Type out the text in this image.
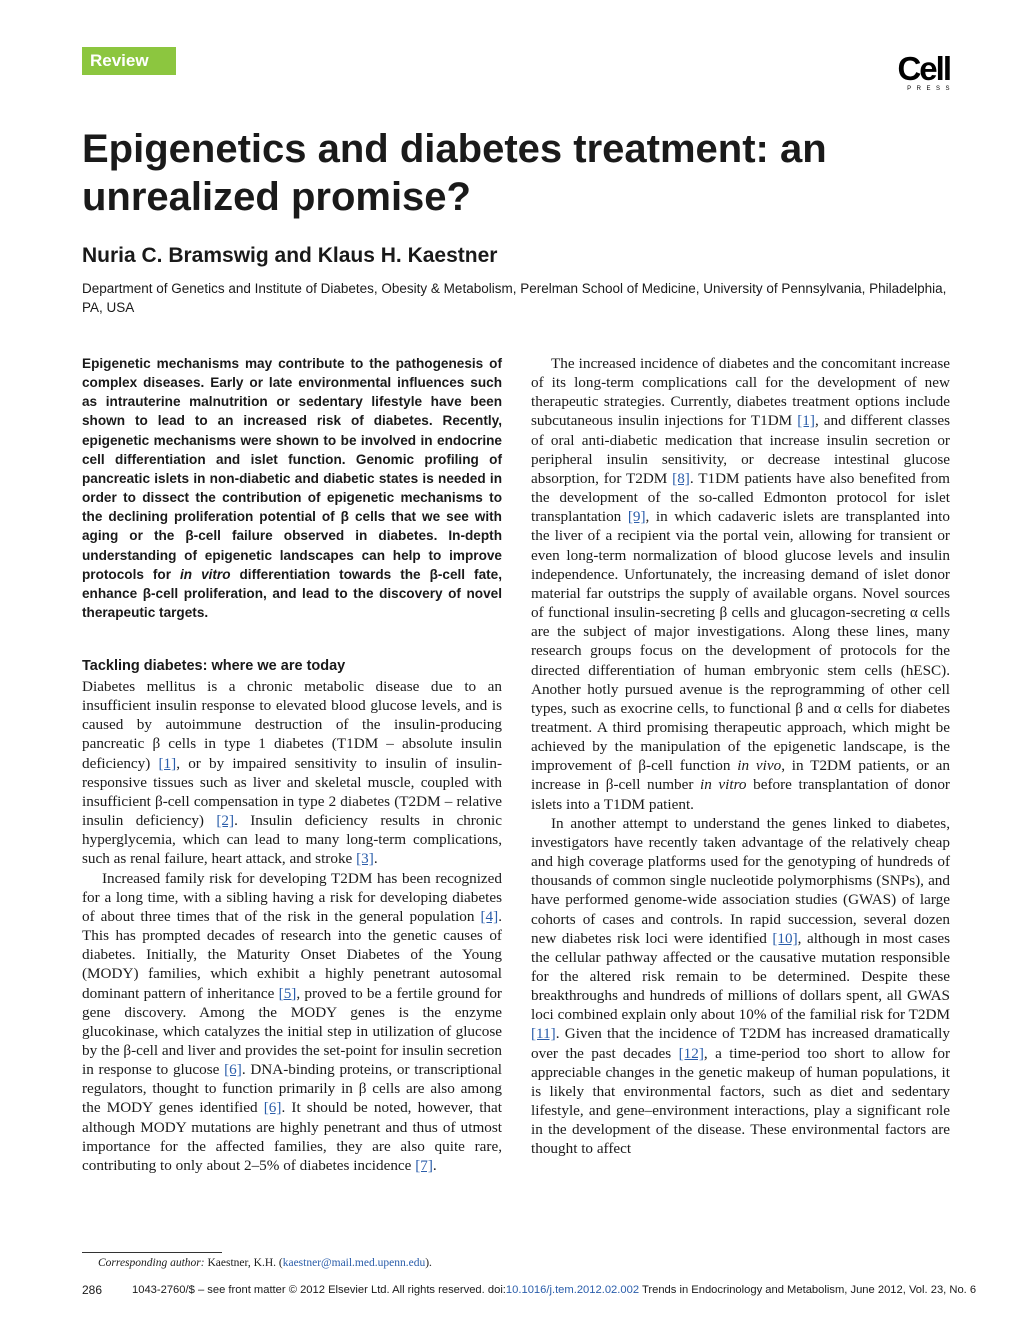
Review	Cell
PRESS
Epigenetics and diabetes treatment: an unrealized promise?

Nuria C. Bramswig and Klaus H. Kaestner

Department of Genetics and Institute of Diabetes, Obesity & Metabolism, Perelman School of Medicine, University of Pennsylvania, Philadelphia, PA, USA

Epigenetic mechanisms may contribute to the pathogenesis of complex diseases. Early or late environmental influences such as intrauterine malnutrition or sedentary lifestyle have been shown to lead to an increased risk of diabetes. Recently, epigenetic mechanisms were shown to be involved in endocrine cell differentiation and islet function. Genomic profiling of pancreatic islets in non-diabetic and diabetic states is needed in order to dissect the contribution of epigenetic mechanisms to the declining proliferation potential of β cells that we see with aging or the β-cell failure observed in diabetes. In-depth understanding of epigenetic landscapes can help to improve protocols for in vitro differentiation towards the β-cell fate, enhance β-cell proliferation, and lead to the discovery of novel therapeutic targets.

Tackling diabetes: where we are today

Diabetes mellitus is a chronic metabolic disease due to an insufficient insulin response to elevated blood glucose levels, and is caused by autoimmune destruction of the insulin-producing pancreatic β cells in type 1 diabetes (T1DM – absolute insulin deficiency) [1], or by impaired sensitivity to insulin of insulin-responsive tissues such as liver and skeletal muscle, coupled with insufficient β-cell compensation in type 2 diabetes (T2DM – relative insulin deficiency) [2]. Insulin deficiency results in chronic hyperglycemia, which can lead to many long-term complications, such as renal failure, heart attack, and stroke [3].

Increased family risk for developing T2DM has been recognized for a long time, with a sibling having a risk for developing diabetes of about three times that of the risk in the general population [4]. This has prompted decades of research into the genetic causes of diabetes. Initially, the Maturity Onset Diabetes of the Young (MODY) families, which exhibit a highly penetrant autosomal dominant pattern of inheritance [5], proved to be a fertile ground for gene discovery. Among the MODY genes is the enzyme glucokinase, which catalyzes the initial step in utilization of glucose by the β-cell and liver and provides the set-point for insulin secretion in response to glucose [6]. DNA-binding proteins, or transcriptional regulators, thought to function primarily in β cells are also among the MODY genes identified [6]. It should be noted, however, that although MODY mutations are highly penetrant and thus of utmost importance for the affected families, they are also quite rare, contributing to only about 2–5% of diabetes incidence [7].

The increased incidence of diabetes and the concomitant increase of its long-term complications call for the development of new therapeutic strategies. Currently, diabetes treatment options include subcutaneous insulin injections for T1DM [1], and different classes of oral anti-diabetic medication that increase insulin secretion or peripheral insulin sensitivity, or decrease intestinal glucose absorption, for T2DM [8]. T1DM patients have also benefited from the development of the so-called Edmonton protocol for islet transplantation [9], in which cadaveric islets are transplanted into the liver of a recipient via the portal vein, allowing for transient or even long-term normalization of blood glucose levels and insulin independence. Unfortunately, the increasing demand of islet donor material far outstrips the supply of available organs. Novel sources of functional insulin-secreting β cells and glucagon-secreting α cells are the subject of major investigations. Along these lines, many research groups focus on the development of protocols for the directed differentiation of human embryonic stem cells (hESC). Another hotly pursued avenue is the reprogramming of other cell types, such as exocrine cells, to functional β and α cells for diabetes treatment. A third promising therapeutic approach, which might be achieved by the manipulation of the epigenetic landscape, is the improvement of β-cell function in vivo, in T2DM patients, or an increase in β-cell number in vitro before transplantation of donor islets into a T1DM patient.

In another attempt to understand the genes linked to diabetes, investigators have recently taken advantage of the relatively cheap and high coverage platforms used for the genotyping of hundreds of thousands of common single nucleotide polymorphisms (SNPs), and have performed genome-wide association studies (GWAS) of large cohorts of cases and controls. In rapid succession, several dozen new diabetes risk loci were identified [10], although in most cases the cellular pathway affected or the causative mutation responsible for the altered risk remain to be determined. Despite these breakthroughs and hundreds of millions of dollars spent, all GWAS loci combined explain only about 10% of the familial risk for T2DM [11]. Given that the incidence of T2DM has increased dramatically over the past decades [12], a time-period too short to allow for appreciable changes in the genetic makeup of human populations, it is likely that environmental factors, such as diet and sedentary lifestyle, and gene–environment interactions, play a significant role in the development of the disease. These environmental factors are thought to affect

Corresponding author: Kaestner, K.H. (kaestner@mail.med.upenn.edu).

286	1043-2760/$ – see front matter © 2012 Elsevier Ltd. All rights reserved. doi:10.1016/j.tem.2012.02.002 Trends in Endocrinology and Metabolism, June 2012, Vol. 23, No. 6
